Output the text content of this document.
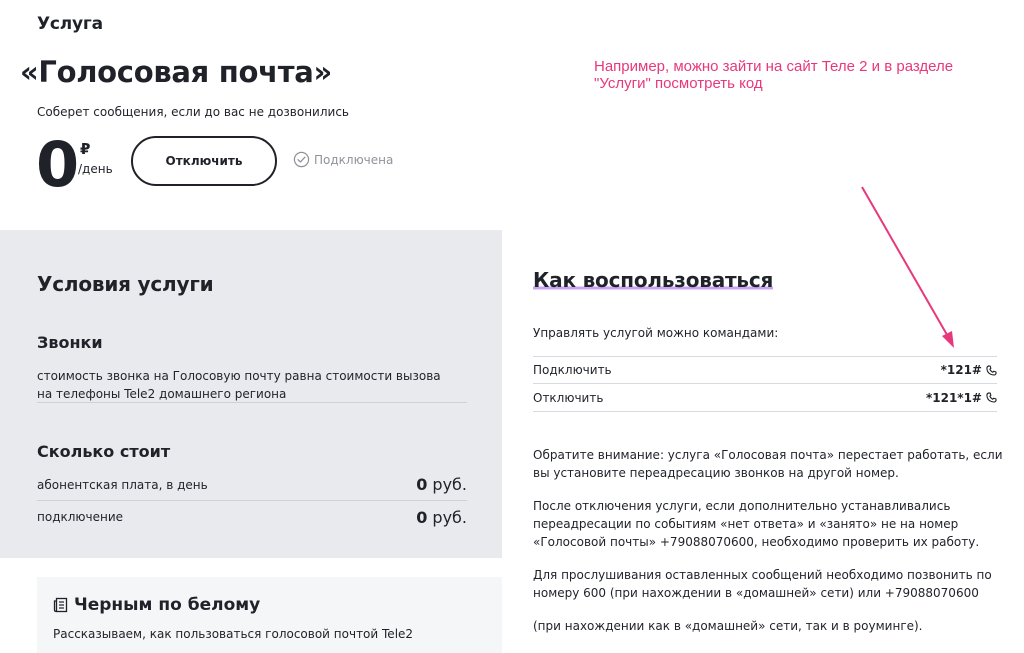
Услуга
«Голосовая почта»
Соберет сообщения, если до вас не дозвонились
0 ₽
/день
Отключить	Подключена
Например, можно зайти на сайт Теле 2 и в разделе "Услуги" посмотреть код
Условия услуги
Звонки
стоимость звонка на Голосовую почту равна стоимости вызова на телефоны Tele2 домашнего региона
Сколько стоит
абонентская плата, в день	0 руб.
подключение	0 руб.
Черным по белому
Рассказываем, как пользоваться голосовой почтой Tele2
Как воспользоваться
Управлять услугой можно командами:
Подключить	*121#
Отключить	*121*1#

Обратите внимание: услуга «Голосовая почта» перестает работать, если вы установите переадресацию звонков на другой номер.

После отключения услуги, если дополнительно устанавливались переадресации по событиям «нет ответа» и «занято» не на номер «Голосовой почты» +79088070600, необходимо проверить их работу.

Для прослушивания оставленных сообщений необходимо позвонить по номеру 600 (при нахождении в «домашней» сети) или +79088070600

(при нахождении как в «домашней» сети, так и в роуминге).
